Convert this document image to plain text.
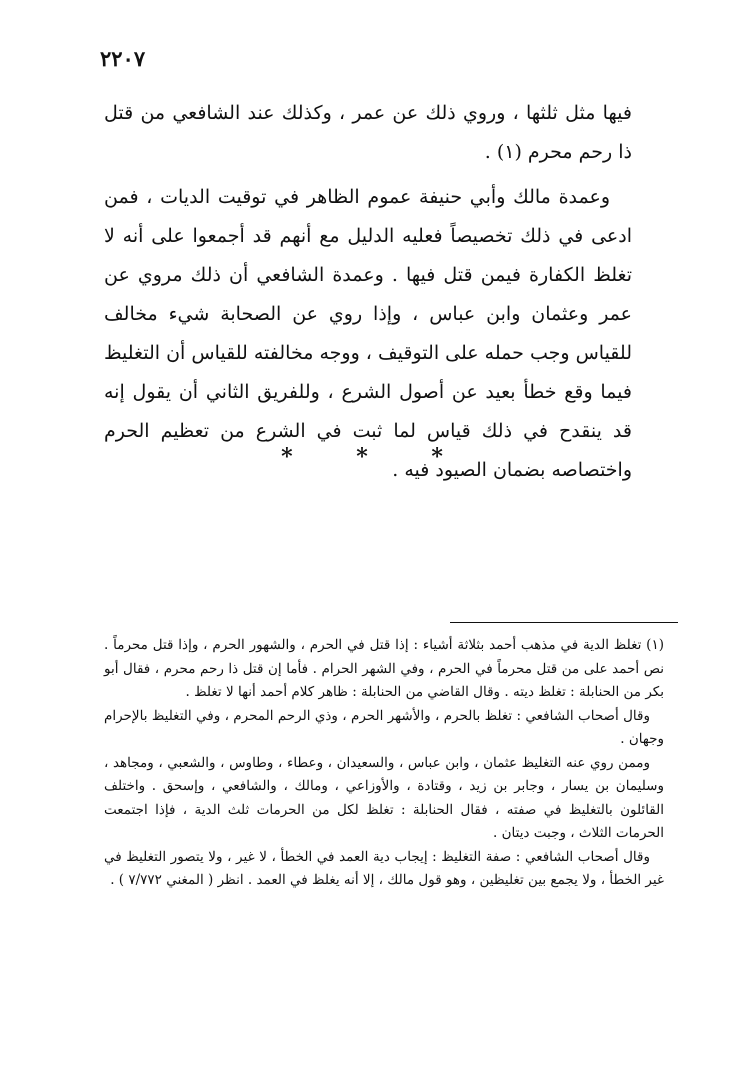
٢٢٠٧

فيها مثل ثلثها ، وروي ذلك عن عمر ، وكذلك عند الشافعي من قتل ذا رحم محرم (١) .

وعمدة مالك وأبي حنيفة عموم الظاهر في توقيت الديات ، فمن ادعى في ذلك تخصيصاً فعليه الدليل مع أنهم قد أجمعوا على أنه لا تغلظ الكفارة فيمن قتل فيها . وعمدة الشافعي أن ذلك مروي عن عمر وعثمان وابن عباس ، وإذا روي عن الصحابة شيء مخالف للقياس وجب حمله على التوقيف ، ووجه مخالفته للقياس أن التغليظ فيما وقع خطأ بعيد عن أصول الشرع ، وللفريق الثاني أن يقول إنه قد ينقدح في ذلك قياس لما ثبت في الشرع من تعظيم الحرم واختصاصه بضمان الصيود فيه .

* * *

(١) تغلظ الدية في مذهب أحمد بثلاثة أشياء : إذا قتل في الحرم ، والشهور الحرم ، وإذا قتل محرماً . نص أحمد على من قتل محرماً في الحرم ، وفي الشهر الحرام . فأما إن قتل ذا رحم محرم ، فقال أبو بكر من الحنابلة : تغلظ ديته . وقال القاضي من الحنابلة : ظاهر كلام أحمد أنها لا تغلظ .

وقال أصحاب الشافعي : تغلظ بالحرم ، والأشهر الحرم ، وذي الرحم المحرم ، وفي التغليظ بالإحرام وجهان .

وممن روي عنه التغليظ عثمان ، وابن عباس ، والسعيدان ، وعطاء ، وطاوس ، والشعبي ، ومجاهد ، وسليمان بن يسار ، وجابر بن زيد ، وقتادة ، والأوزاعي ، ومالك ، والشافعي ، وإسحق . واختلف القائلون بالتغليظ في صفته ، فقال الحنابلة : تغلظ لكل من الحرمات ثلث الدية ، فإذا اجتمعت الحرمات الثلاث ، وجبت ديتان .

وقال أصحاب الشافعي : صفة التغليظ : إيجاب دية العمد في الخطأ ، لا غير ، ولا يتصور التغليظ في غير الخطأ ، ولا يجمع بين تغليظين ، وهو قول مالك ، إلا أنه يغلظ في العمد . انظر ( المغني ٧/٧٧٢ ) .
